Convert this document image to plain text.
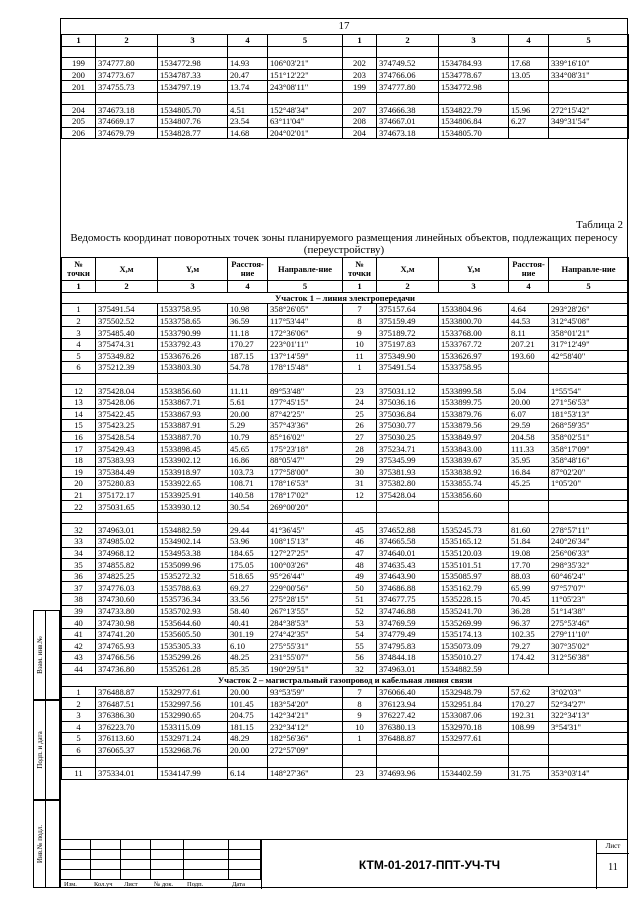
Взам. инв.№
Подп. и дата
Инв.№ подл.
17
1	2	3	4	5	1	2	3	4	5

199	374777.80	1534772.98	14.93	106°03'21"	202	374749.52	1534784.93	17.68	339°16'10"
200	374773.67	1534787.33	20.47	151°12'22"	203	374766.06	1534778.67	13.05	334°08'31"
201	374755.73	1534797.19	13.74	243°08'11"	199	374777.80	1534772.98		

204	374673.18	1534805.70	4.51	152°48'34"	207	374666.38	1534822.79	15.96	272°15'42"
205	374669.17	1534807.76	23.54	63°11'04"	208	374667.01	1534806.84	6.27	349°31'54"
206	374679.79	1534828.77	14.68	204°02'01"	204	374673.18	1534805.70		
Таблица 2
Ведомость координат поворотных точек зоны планируемого размещения линейных объектов, подлежащих переносу (переустройству)
№ точки	X,м	Y,м	Расстоя-ние	Направле-ние	№ точки	X,м	Y,м	Расстоя-ние	Направле-ние
1	2	3	4	5	1	2	3	4	5
Участок 1 – линия электропередачи									
1	375491.54	1533758.95	10.98	358°26'05"	7	375157.64	1533804.96	4.64	293°28'26"
2	375502.52	1533758.65	36.59	117°53'44"	8	375159.49	1533800.70	44.53	312°45'08"
3	375485.40	1533790.99	11.18	172°36'06"	9	375189.72	1533768.00	8.11	358°01'21"
4	375474.31	1533792.43	170.27	223°01'11"	10	375197.83	1533767.72	207.21	317°12'49"
5	375349.82	1533676.26	187.15	137°14'59"	11	375349.90	1533626.97	193.60	42°58'40"
6	375212.39	1533803.30	54.78	178°15'48"	1	375491.54	1533758.95		

12	375428.04	1533856.60	11.11	89°53'48"	23	375031.12	1533899.58	5.04	1°55'54"
13	375428.06	1533867.71	5.61	177°45'15"	24	375036.16	1533899.75	20.00	271°56'53"
14	375422.45	1533867.93	20.00	87°42'25"	25	375036.84	1533879.76	6.07	181°53'13"
15	375423.25	1533887.91	5.29	357°43'36"	26	375030.77	1533879.56	29.59	268°59'35"
16	375428.54	1533887.70	10.79	85°16'02"	27	375030.25	1533849.97	204.58	358°02'51"
17	375429.43	1533898.45	45.65	175°23'18"	28	375234.71	1533843.00	111.33	358°17'09"
18	375383.93	1533902.12	16.86	88°05'47"	29	375345.99	1533839.67	35.95	358°48'16"
19	375384.49	1533918.97	103.73	177°58'00"	30	375381.93	1533838.92	16.84	87°02'20"
20	375280.83	1533922.65	108.71	178°16'53"	31	375382.80	1533855.74	45.25	1°05'20"
21	375172.17	1533925.91	140.58	178°17'02"	12	375428.04	1533856.60		
22	375031.65	1533930.12	30.54	269°00'20"					

32	374963.01	1534882.59	29.44	41°36'45"	45	374652.88	1535245.73	81.60	278°57'11"
33	374985.02	1534902.14	53.96	108°15'13"	46	374665.58	1535165.12	51.84	240°26'34"
34	374968.12	1534953.38	184.65	127°27'25"	47	374640.01	1535120.03	19.08	256°06'33"
35	374855.82	1535099.96	175.05	100°03'26"	48	374635.43	1535101.51	17.70	298°35'32"
36	374825.25	1535272.32	518.65	95°26'44"	49	374643.90	1535085.97	88.03	60°46'24"
37	374776.03	1535788.63	69.27	229°00'56"	50	374686.88	1535162.79	65.99	97°57'07"
38	374730.60	1535736.34	33.56	275°28'15"	51	374677.75	1535228.15	70.45	11°05'23"
39	374733.80	1535702.93	58.40	267°13'55"	52	374746.88	1535241.70	36.28	51°14'38"
40	374730.98	1535644.60	40.41	284°38'53"	53	374769.59	1535269.99	96.37	275°53'46"
41	374741.20	1535605.50	301.19	274°42'35"	54	374779.49	1535174.13	102.35	279°11'10"
42	374765.93	1535305.33	6.10	275°55'31"	55	374795.83	1535073.09	79.27	307°35'02"
43	374766.56	1535299.26	48.25	231°55'07"	56	374844.18	1535010.27	174.42	312°56'38"
44	374736.80	1535261.28	85.35	190°29'51"	32	374963.01	1534882.59		
Участок 2 – магистральный газопровод и кабельная линия связи									
1	376488.87	1532977.61	20.00	93°53'59"	7	376066.40	1532948.79	57.62	3°02'03"
2	376487.51	1532997.56	101.45	183°54'20"	8	376123.94	1532951.84	170.27	52°34'27"
3	376386.30	1532990.65	204.75	142°34'21"	9	376227.42	1533087.06	192.31	322°34'13"
4	376223.70	1533115.09	181.15	232°34'12"	10	376380.13	1532970.18	108.99	3°54'31"
5	376113.60	1532971.24	48.29	182°56'36"	1	376488.87	1532977.61		
6	376065.37	1532968.76	20.00	272°57'09"					

11	375334.01	1534147.99	6.14	148°27'36"	23	374693.96	1534402.59	31.75	353°03'14"
Изм.	Кол.уч Лист	№ док. Подп.	Дата
КТМ-01-2017-ППТ-УЧ-ТЧ
Лист
11
